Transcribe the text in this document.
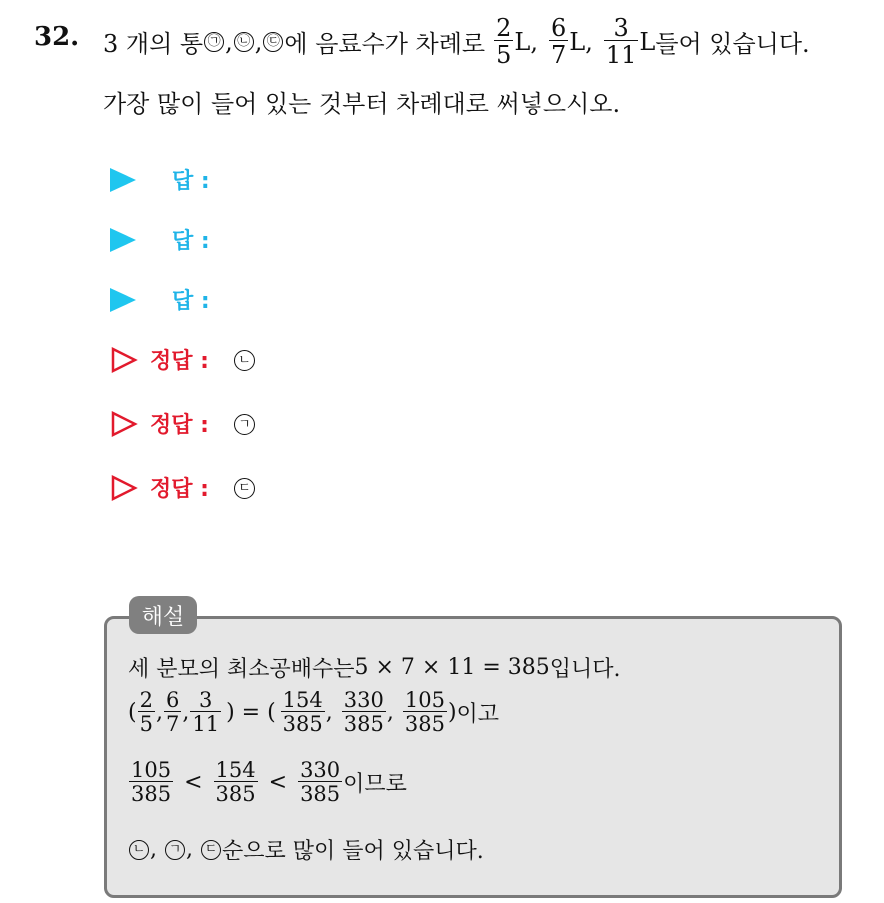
32. 3 개의 통 ㉠ , ㉡ , ㉢ 에 음료수가 차례로 $\frac{2}{5} L$, $\frac{6}{7} L$, $\frac{3}{11}$ L 들어 있습니다.
가장 많이 들어 있는 것부터 차례대로 써넣으시오.
답 :
답 :
답 :
정답 :	ㄴ
정답 :	ㄱ
정답 :	ㄷ
해설
세 분모의 최소공배수는 5 × 7 × 11 = 385 입니다.
( $\frac{2}{5}$ , $\frac{6}{7}$ , $\frac{3}{11}$ ) = ( $\frac{154}{385}$ , $\frac{330}{385}$ , $\frac{105}{385}$ ) 이고
$\frac{105}{385} < \frac{154}{385} < \frac{330}{385}$ 이므로
ㄴ , ㄱ , ㄷ 순으로 많이 들어 있습니다.
